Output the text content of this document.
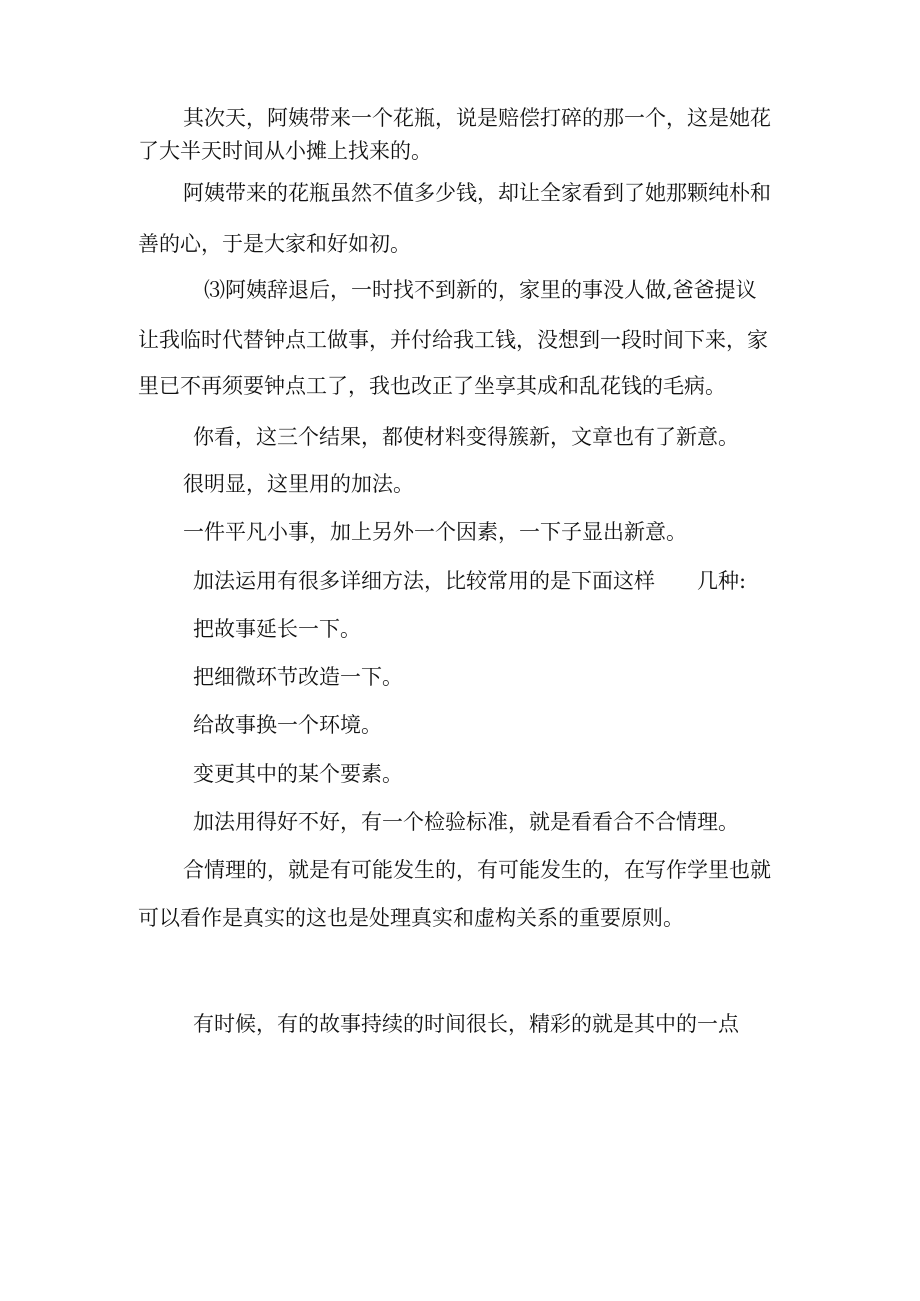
其次天，阿姨带来一个花瓶，说是赔偿打碎的那一个，这是她花

了大半天时间从小摊上找来的。

阿姨带来的花瓶虽然不值多少钱，却让全家看到了她那颗纯朴和

善的心，于是大家和好如初。

⑶阿姨辞退后，一时找不到新的，家里的事没人做,爸爸提议

让我临时代替钟点工做事，并付给我工钱，没想到一段时间下来，家

里已不再须要钟点工了，我也改正了坐享其成和乱花钱的毛病。

你看，这三个结果，都使材料变得簇新，文章也有了新意。

很明显，这里用的加法。

一件平凡小事，加上另外一个因素，一下子显出新意。

加法运用有很多详细方法，比较常用的是下面这样　　几种:

把故事延长一下。

把细微环节改造一下。

给故事换一个环境。

变更其中的某个要素。

加法用得好不好，有一个检验标准，就是看看合不合情理。

合情理的，就是有可能发生的，有可能发生的，在写作学里也就

可以看作是真实的这也是处理真实和虚构关系的重要原则。

有时候，有的故事持续的时间很长，精彩的就是其中的一点
